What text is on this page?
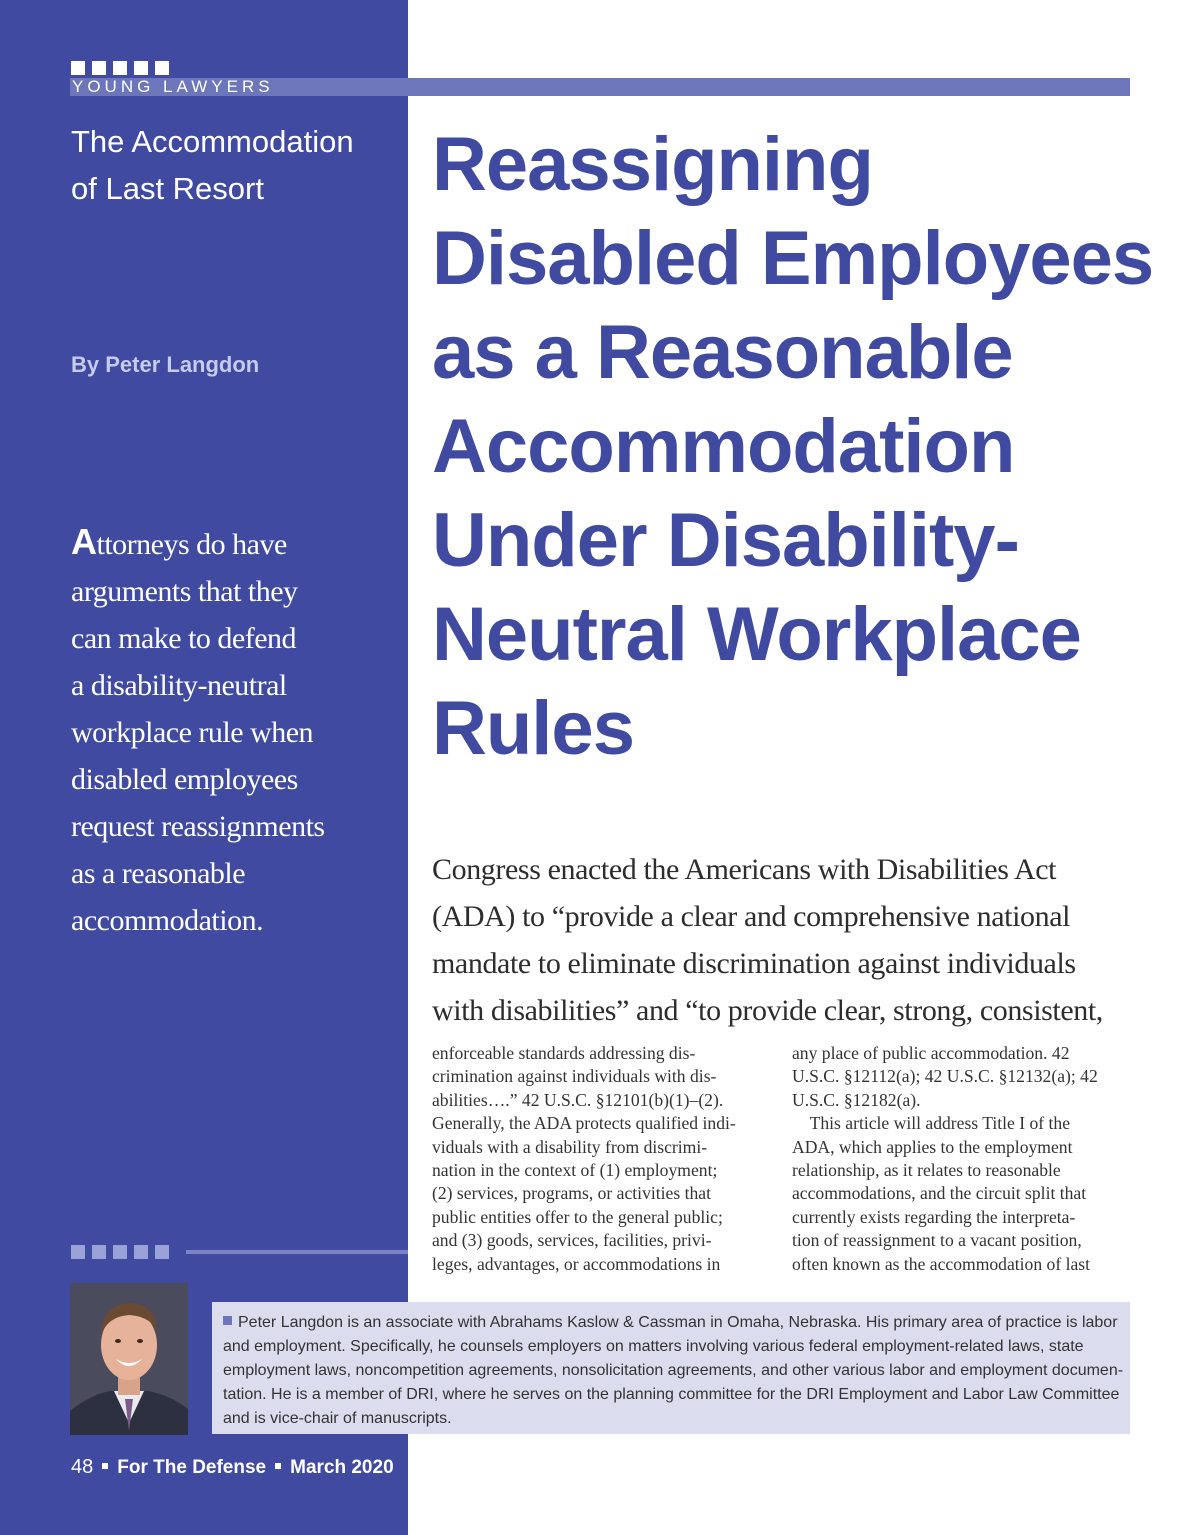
YOUNG LAWYERS
The Accommodation
of Last Resort
By Peter Langdon
Attorneys do have
arguments that they
can make to defend
a disability-neutral
workplace rule when
disabled employees
request reassignments
as a reasonable
accommodation.
Reassigning
Disabled Employees
as a Reasonable
Accommodation
Under Disability-
Neutral Workplace
Rules
Congress enacted the Americans with Disabilities Act
(ADA) to “provide a clear and comprehensive national
mandate to eliminate discrimination against individuals
with disabilities” and “to provide clear, strong, consistent,
enforceable standards addressing dis-
crimination against individuals with dis-
abilities….” 42 U.S.C. §12101(b)(1)–(2).
Generally, the ADA protects qualified indi-
viduals with a disability from discrimi-
nation in the context of (1) employment;
(2) services, programs, or activities that
public entities offer to the general public;
and (3) goods, services, facilities, privi-
leges, advantages, or accommodations in
any place of public accommodation. 42
U.S.C. §12112(a); 42 U.S.C. §12132(a); 42
U.S.C. §12182(a).
 This article will address Title I of the
ADA, which applies to the employment
relationship, as it relates to reasonable
accommodations, and the circuit split that
currently exists regarding the interpreta-
tion of reassignment to a vacant position,
often known as the accommodation of last
Peter Langdon is an associate with Abrahams Kaslow & Cassman in Omaha, Nebraska. His primary area of practice is labor
and employment. Specifically, he counsels employers on matters involving various federal employment-related laws, state
employment laws, noncompetition agreements, nonsolicitation agreements, and other various labor and employment documen-
tation. He is a member of DRI, where he serves on the planning committee for the DRI Employment and Labor Law Committee
and is vice-chair of manuscripts.
48 For The Defense March 2020
